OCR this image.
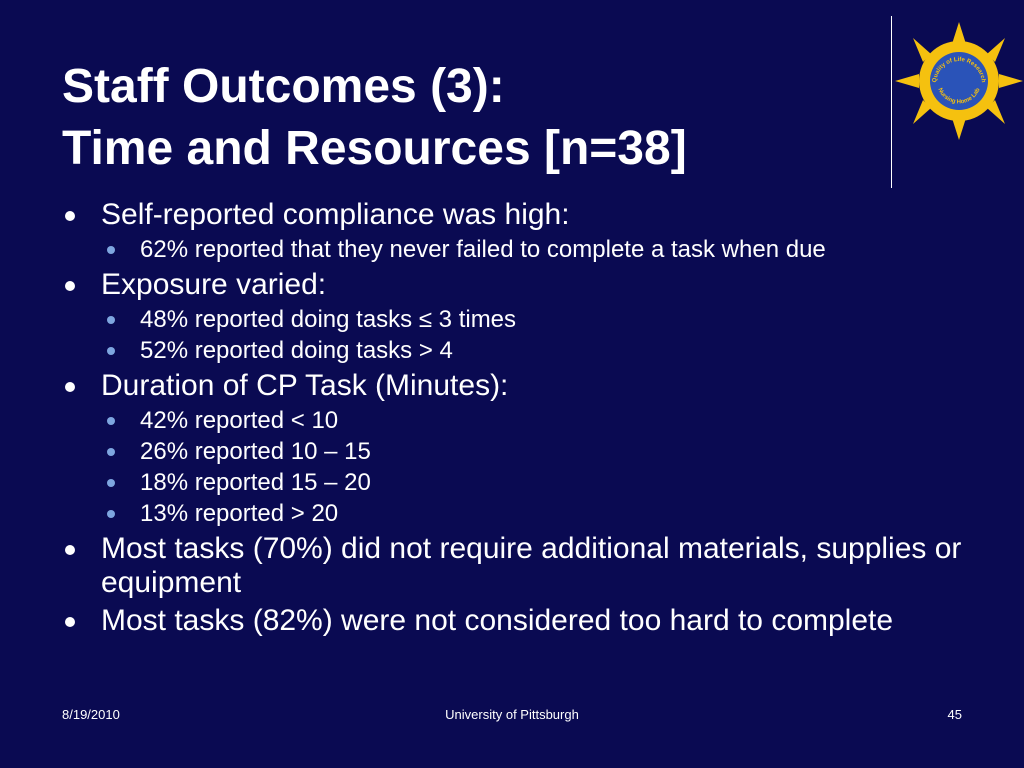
Staff Outcomes (3):
Time and Resources [n=38]
Quality of Life Research
Nursing Home Lab
Self-reported compliance was high:
62% reported that they never failed to complete a task when due
Exposure varied:
48% reported doing tasks ≤ 3 times
52% reported doing tasks > 4
Duration of CP Task (Minutes):
42% reported < 10
26% reported 10 – 15
18% reported 15 – 20
13% reported > 20
Most tasks (70%) did not require additional materials, supplies or equipment
Most tasks (82%) were not considered too hard to complete
8/19/2010	University of Pittsburgh	45
